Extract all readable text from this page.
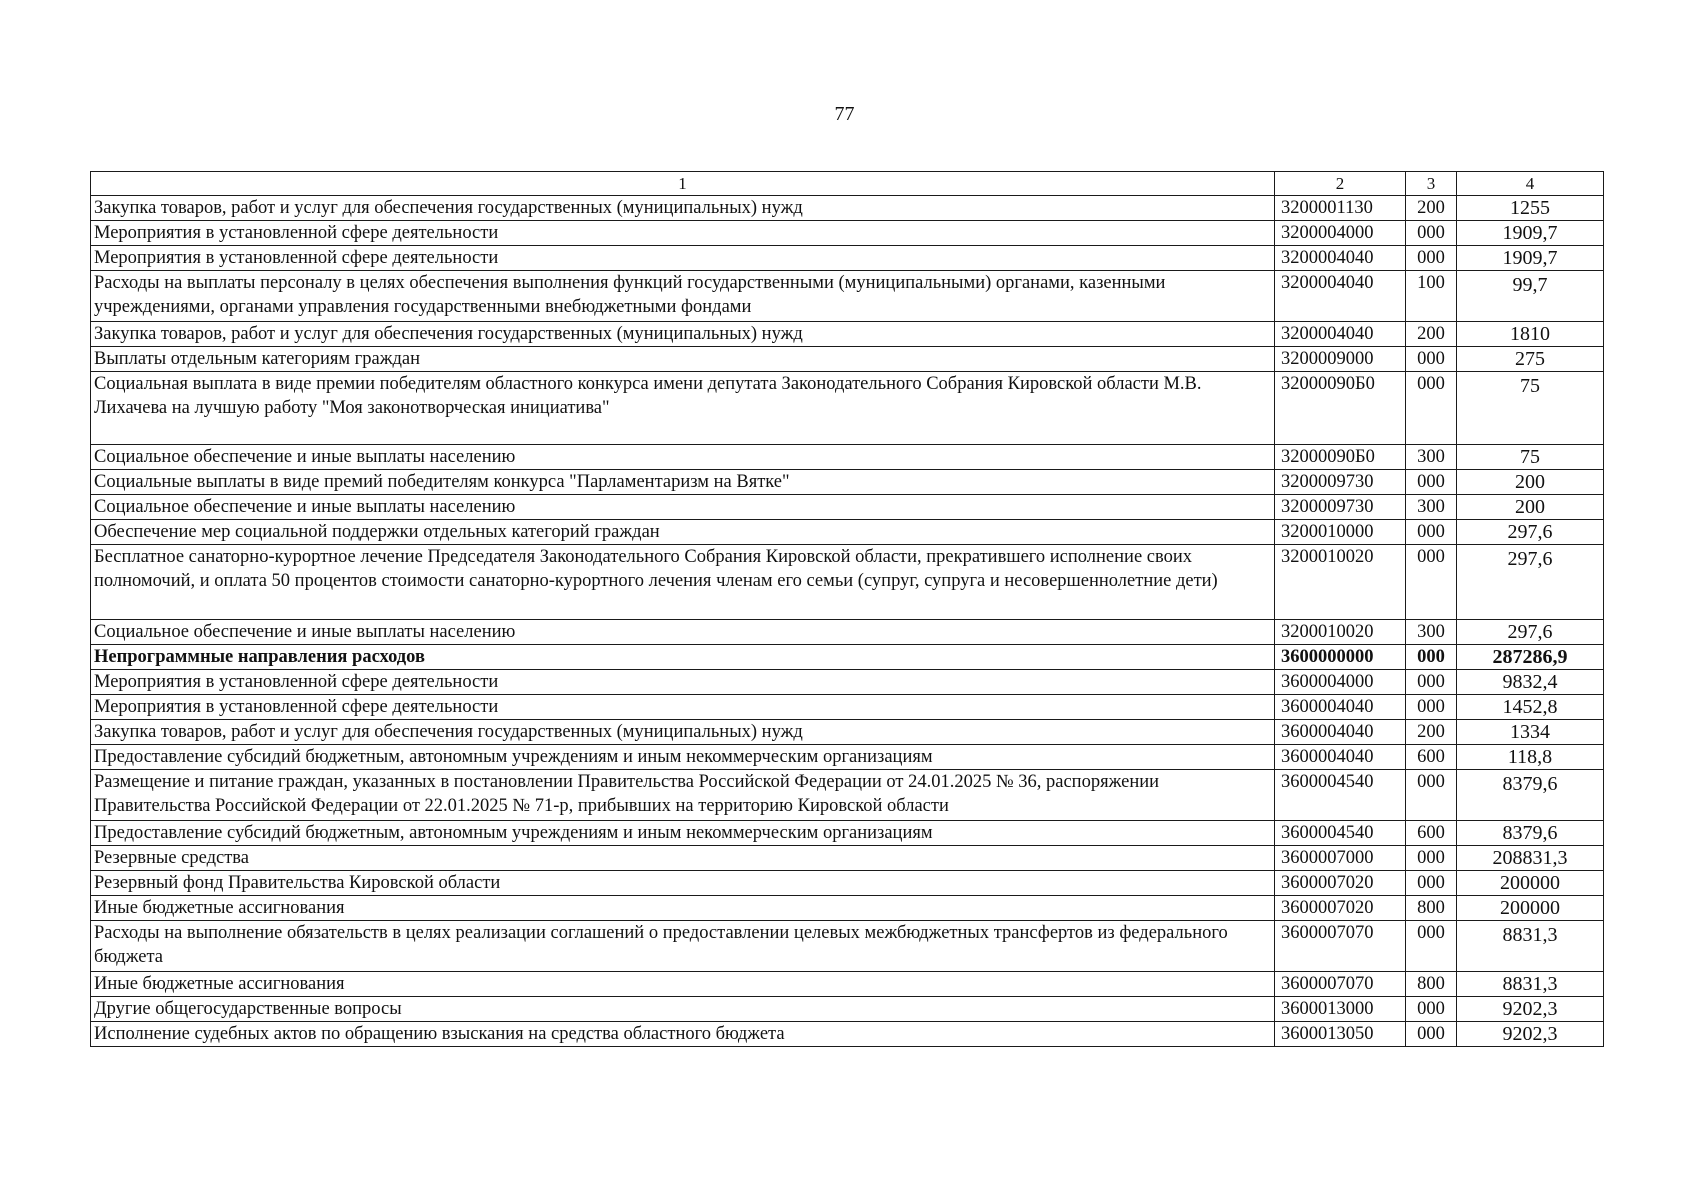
77
1	2	3	4
Закупка товаров, работ и услуг для обеспечения государственных (муниципальных) нужд	3200001130	200	1255
Мероприятия в установленной сфере деятельности	3200004000	000	1909,7
Мероприятия в установленной сфере деятельности	3200004040	000	1909,7
Расходы на выплаты персоналу в целях обеспечения выполнения функций государственными (муниципальными) органами, казенными учреждениями, органами управления государственными внебюджетными фондами	3200004040	100	99,7
Закупка товаров, работ и услуг для обеспечения государственных (муниципальных) нужд	3200004040	200	1810
Выплаты отдельным категориям граждан	3200009000	000	275
Социальная выплата в виде премии победителям областного конкурса имени депутата Законодательного Собрания Кировской области М.В. Лихачева на лучшую работу "Моя законотворческая инициатива"	32000090Б0	000	75
Социальное обеспечение и иные выплаты населению	32000090Б0	300	75
Социальные выплаты в виде премий победителям конкурса "Парламентаризм на Вятке"	3200009730	000	200
Социальное обеспечение и иные выплаты населению	3200009730	300	200
Обеспечение мер социальной поддержки отдельных категорий граждан	3200010000	000	297,6
Бесплатное санаторно-курортное лечение Председателя Законодательного Собрания Кировской области, прекратившего исполнение своих полномочий, и оплата 50 процентов стоимости санаторно-курортного лечения членам его семьи (супруг, супруга и несовершеннолетние дети)	3200010020	000	297,6
Социальное обеспечение и иные выплаты населению	3200010020	300	297,6
Непрограммные направления расходов	3600000000	000	287286,9
Мероприятия в установленной сфере деятельности	3600004000	000	9832,4
Мероприятия в установленной сфере деятельности	3600004040	000	1452,8
Закупка товаров, работ и услуг для обеспечения государственных (муниципальных) нужд	3600004040	200	1334
Предоставление субсидий бюджетным, автономным учреждениям и иным некоммерческим организациям	3600004040	600	118,8
Размещение и питание граждан, указанных в постановлении Правительства Российской Федерации от 24.01.2025 № 36, распоряжении Правительства Российской Федерации от 22.01.2025 № 71-р, прибывших на территорию Кировской области	3600004540	000	8379,6
Предоставление субсидий бюджетным, автономным учреждениям и иным некоммерческим организациям	3600004540	600	8379,6
Резервные средства	3600007000	000	208831,3
Резервный фонд Правительства Кировской области	3600007020	000	200000
Иные бюджетные ассигнования	3600007020	800	200000
Расходы на выполнение обязательств в целях реализации соглашений о предоставлении целевых межбюджетных трансфертов из федерального бюджета	3600007070	000	8831,3
Иные бюджетные ассигнования	3600007070	800	8831,3
Другие общегосударственные вопросы	3600013000	000	9202,3
Исполнение судебных актов по обращению взыскания на средства областного бюджета	3600013050	000	9202,3
